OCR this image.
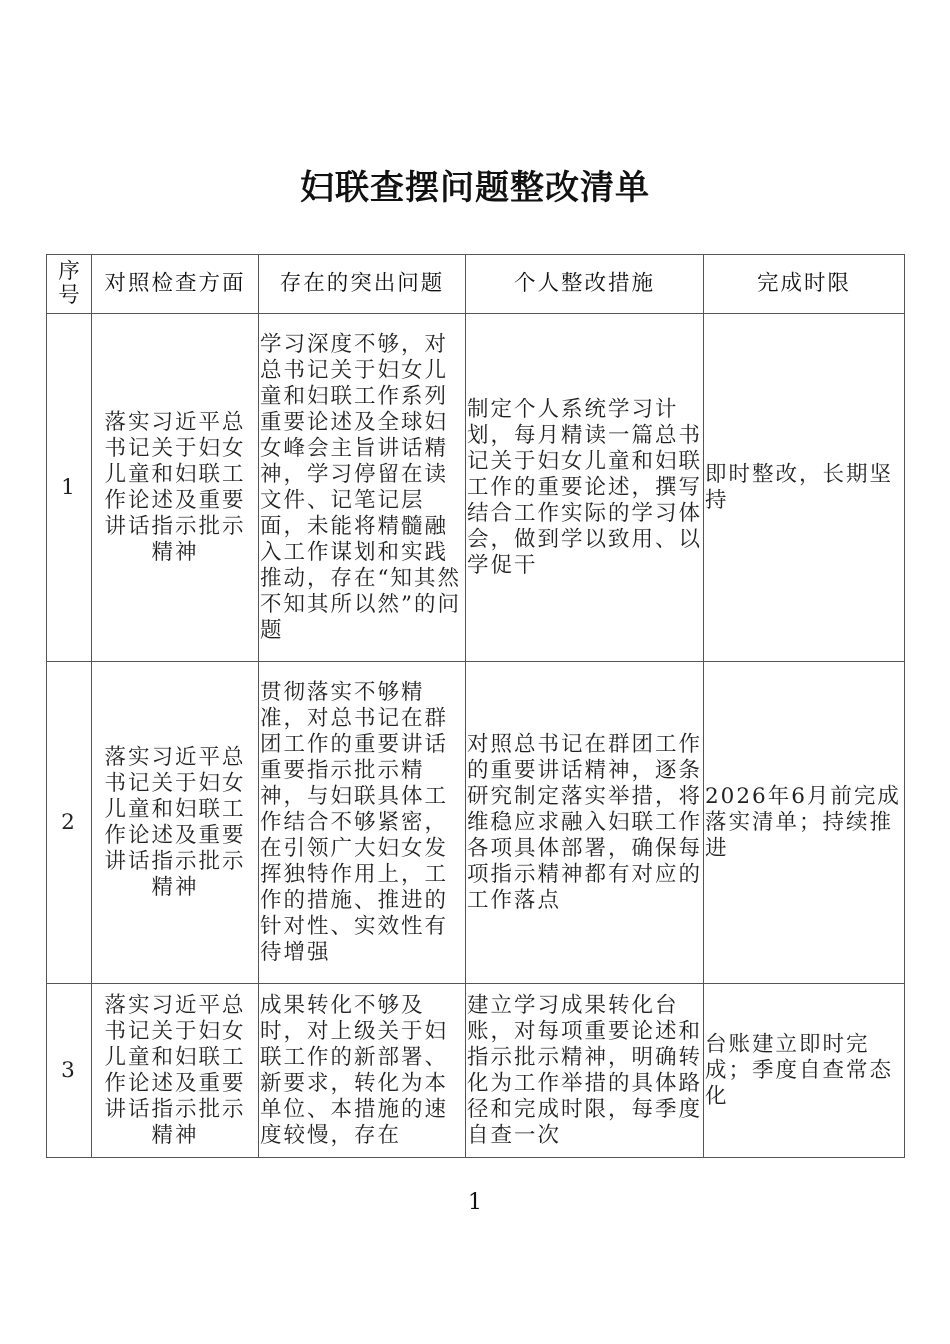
妇联查摆问题整改清单
序号	对照检查方面	存在的突出问题	个人整改措施	完成时限
1	落实习近平总书记关于妇女儿童和妇联工作论述及重要讲话指示批示精神	学习深度不够，对总书记关于妇女儿童和妇联工作系列重要论述及全球妇女峰会主旨讲话精神，学习停留在读文件、记笔记层面，未能将精髓融入工作谋划和实践推动，存在“知其然不知其所以然”的问题	制定个人系统学习计划，每月精读一篇总书记关于妇女儿童和妇联工作的重要论述，撰写结合工作实际的学习体会，做到学以致用、以学促干	即时整改，长期坚持
2	落实习近平总书记关于妇女儿童和妇联工作论述及重要讲话指示批示精神	贯彻落实不够精准，对总书记在群团工作的重要讲话重要指示批示精神，与妇联具体工作结合不够紧密，在引领广大妇女发挥独特作用上，工作的措施、推进的针对性、实效性有待增强	对照总书记在群团工作的重要讲话精神，逐条研究制定落实举措，将维稳应求融入妇联工作各项具体部署，确保每项指示精神都有对应的工作落点	2026年6月前完成落实清单；持续推进
3	落实习近平总书记关于妇女儿童和妇联工作论述及重要讲话指示批示精神	成果转化不够及时，对上级关于妇联工作的新部署、新要求，转化为本单位、本措施的速度较慢，存在	建立学习成果转化台账，对每项重要论述和指示批示精神，明确转化为工作举措的具体路径和完成时限，每季度自查一次	台账建立即时完成；季度自查常态化
1
